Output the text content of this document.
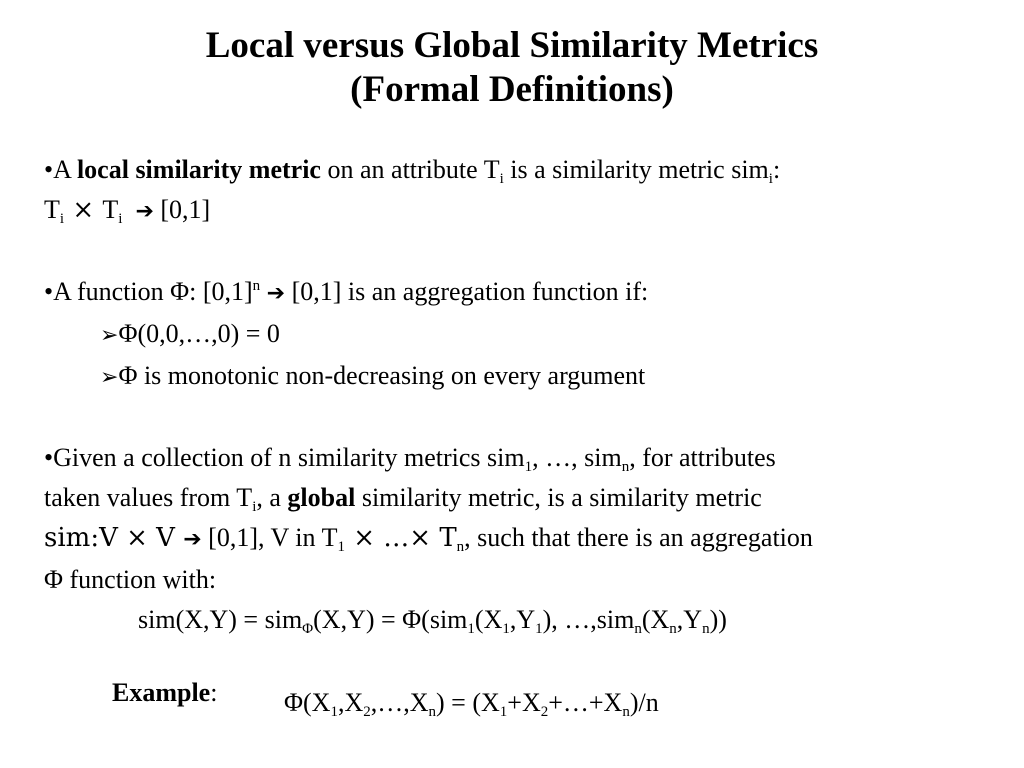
Local versus Global Similarity Metrics
(Formal Definitions)
•A local similarity metric on an attribute $T_i$ is a similarity metric sim$_i$:
$T_i \times T_i$ ➔ [0,1]
•A function Φ: $[0,1]^n$ ➔ [0,1] is an aggregation function if:
➢Φ(0,0,…,0) = 0
➢Φ is monotonic non-decreasing on every argument
•Given a collection of n similarity metrics sim$_1$, …, sim$_n$, for attributes
taken values from $T_i$, a global similarity metric, is a similarity metric
sim:V × V ➔ [0,1], V in $T_1$ × …× $T_n$, such that there is an aggregation
Φ function with:
$sim(X,Y) = sim_\Phi(X,Y) = \Phi(sim_1(X_1,Y_1)$, $\dots,sim_n(X_n,Y_n)$)
Example:	$\Phi(X_1,X_2,\dots,X_n)$ = $(X_1+X_2+\dots+X_n)/n$
